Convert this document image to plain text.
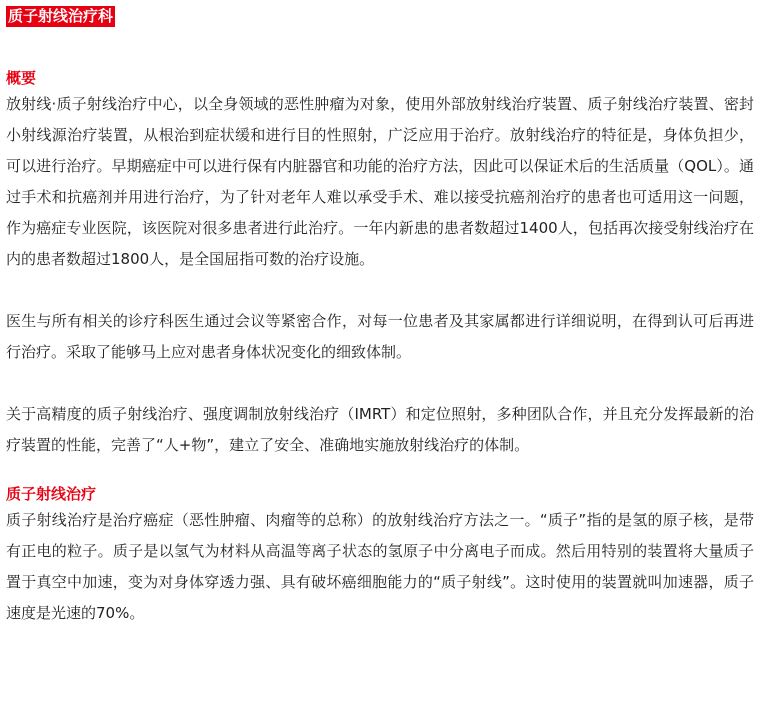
质子射线治疗科
概要

放射线·质子射线治疗中心，以全身领域的恶性肿瘤为对象，使用外部放射线治疗装置、质子射线治疗装置、密封小射线源治疗装置，从根治到症状缓和进行目的性照射，广泛应用于治疗。放射线治疗的特征是，身体负担少，可以进行治疗。早期癌症中可以进行保有内脏器官和功能的治疗方法，因此可以保证术后的生活质量（QOL）。通过手术和抗癌剂并用进行治疗，为了针对老年人难以承受手术、难以接受抗癌剂治疗的患者也可适用这一问题，作为癌症专业医院，该医院对很多患者进行此治疗。一年内新患的患者数超过1400人，包括再次接受射线治疗在内的患者数超过1800人，是全国屈指可数的治疗设施。

医生与所有相关的诊疗科医生通过会议等紧密合作，对每一位患者及其家属都进行详细说明，在得到认可后再进行治疗。采取了能够马上应对患者身体状况变化的细致体制。

关于高精度的质子射线治疗、强度调制放射线治疗（IMRT）和定位照射，多种团队合作，并且充分发挥最新的治疗装置的性能，完善了“人+物”，建立了安全、准确地实施放射线治疗的体制。

质子射线治疗

质子射线治疗是治疗癌症（恶性肿瘤、肉瘤等的总称）的放射线治疗方法之一。“质子”指的是氢的原子核，是带有正电的粒子。质子是以氢气为材料从高温等离子状态的氢原子中分离电子而成。然后用特别的装置将大量质子置于真空中加速，变为对身体穿透力强、具有破坏癌细胞能力的“质子射线”。这时使用的装置就叫加速器，质子速度是光速的70%。
